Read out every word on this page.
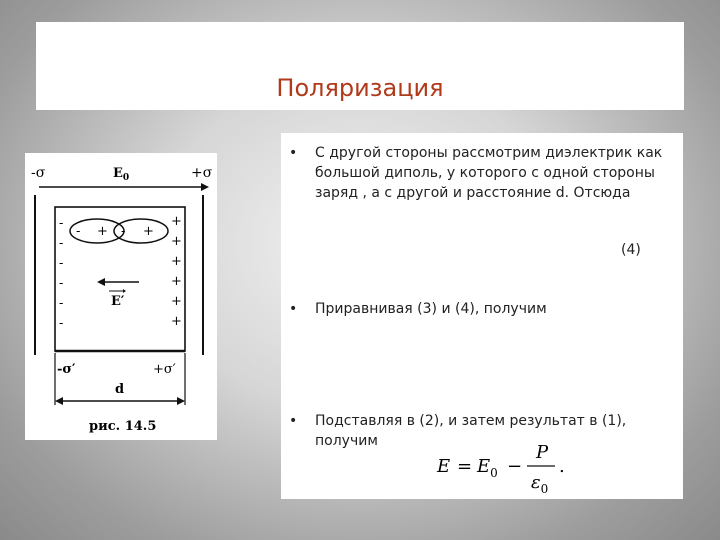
Поляризация
-σ	$E_0$	+σ
- + - +
-
-
-
-
-
-
+
+
+
+
+
+
E′
-σ′	+σ′
d
рис. 14.5
• С другой стороны рассмотрим диэлектрик как большой диполь, у которого с одной стороны заряд , а с другой и расстояние d. Отсюда
(4)
• Приравнивая (3) и (4), получим
• Подставляя в (2), и затем результат в (1), получим
$E = E_0$ −
P
$\varepsilon_0$
.
